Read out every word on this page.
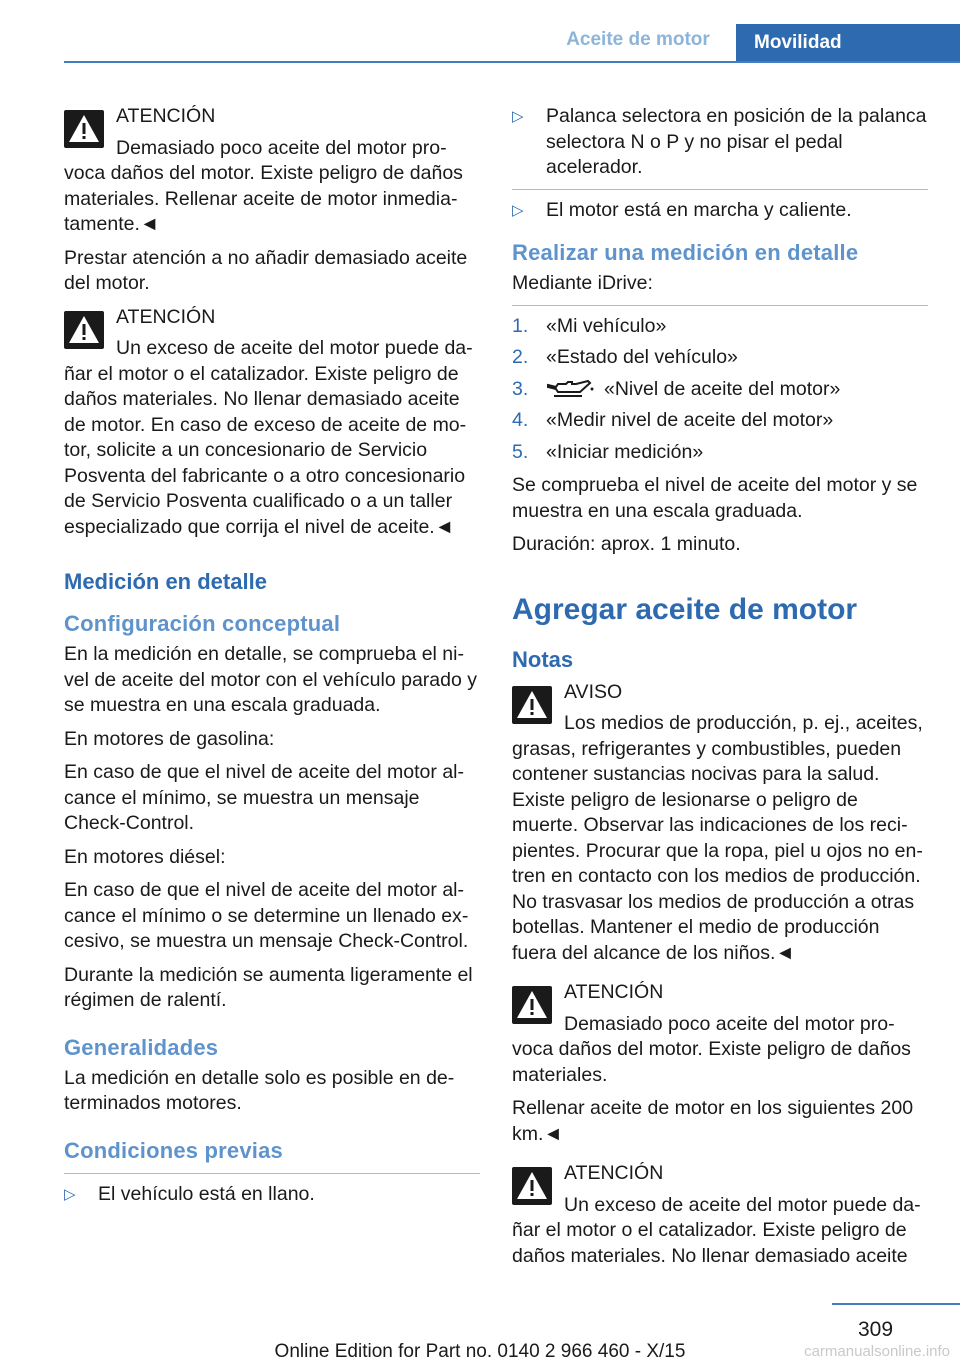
Aceite de motor	Movilidad
ATENCIÓN
Demasiado poco aceite del motor provoca daños del motor. Existe peligro de daños materiales. Rellenar aceite de motor inmediatamente.◄

Prestar atención a no añadir demasiado aceite del motor.

ATENCIÓN
Un exceso de aceite del motor puede dañar el motor o el catalizador. Existe peligro de daños materiales. No llenar demasiado aceite de motor. En caso de exceso de aceite de motor, solicite a un concesionario de Servicio Posventa del fabricante o a otro concesionario de Servicio Posventa cualificado o a un taller especializado que corrija el nivel de aceite.◄
Medición en detalle
Configuración conceptual

En la medición en detalle, se comprueba el nivel de aceite del motor con el vehículo parado y se muestra en una escala graduada.

En motores de gasolina:

En caso de que el nivel de aceite del motor alcance el mínimo, se muestra un mensaje Check-Control.

En motores diésel:

En caso de que el nivel de aceite del motor alcance el mínimo o se determine un llenado excesivo, se muestra un mensaje Check-Control.

Durante la medición se aumenta ligeramente el régimen de ralentí.

Generalidades

La medición en detalle solo es posible en determinados motores.

Condiciones previas
▷ El vehículo está en llano.
▷ Palanca selectora en posición de la palanca selectora N o P y no pisar el pedal acelerador.
▷ El motor está en marcha y caliente.
Realizar una medición en detalle

Mediante iDrive:

1. «Mi vehículo»
2. «Estado del vehículo»
3.	«Nivel de aceite del motor»
4. «Medir nivel de aceite del motor»
5. «Iniciar medición»

Se comprueba el nivel de aceite del motor y se muestra en una escala graduada.

Duración: aprox. 1 minuto.

Agregar aceite de motor
Notas
AVISO
Los medios de producción, p. ej., aceites, grasas, refrigerantes y combustibles, pueden contener sustancias nocivas para la salud. Existe peligro de lesionarse o peligro de muerte. Observar las indicaciones de los recipientes. Procurar que la ropa, piel u ojos no entren en contacto con los medios de producción. No trasvasar los medios de producción a otras botellas. Mantener el medio de producción fuera del alcance de los niños.◄
ATENCIÓN
Demasiado poco aceite del motor provoca daños del motor. Existe peligro de daños materiales.

Rellenar aceite de motor en los siguientes 200 km.◄

ATENCIÓN
Un exceso de aceite del motor puede dañar el motor o el catalizador. Existe peligro de daños materiales. No llenar demasiado aceite
309
Online Edition for Part no. 0140 2 966 460 - X/15	carmanualsonline.info
